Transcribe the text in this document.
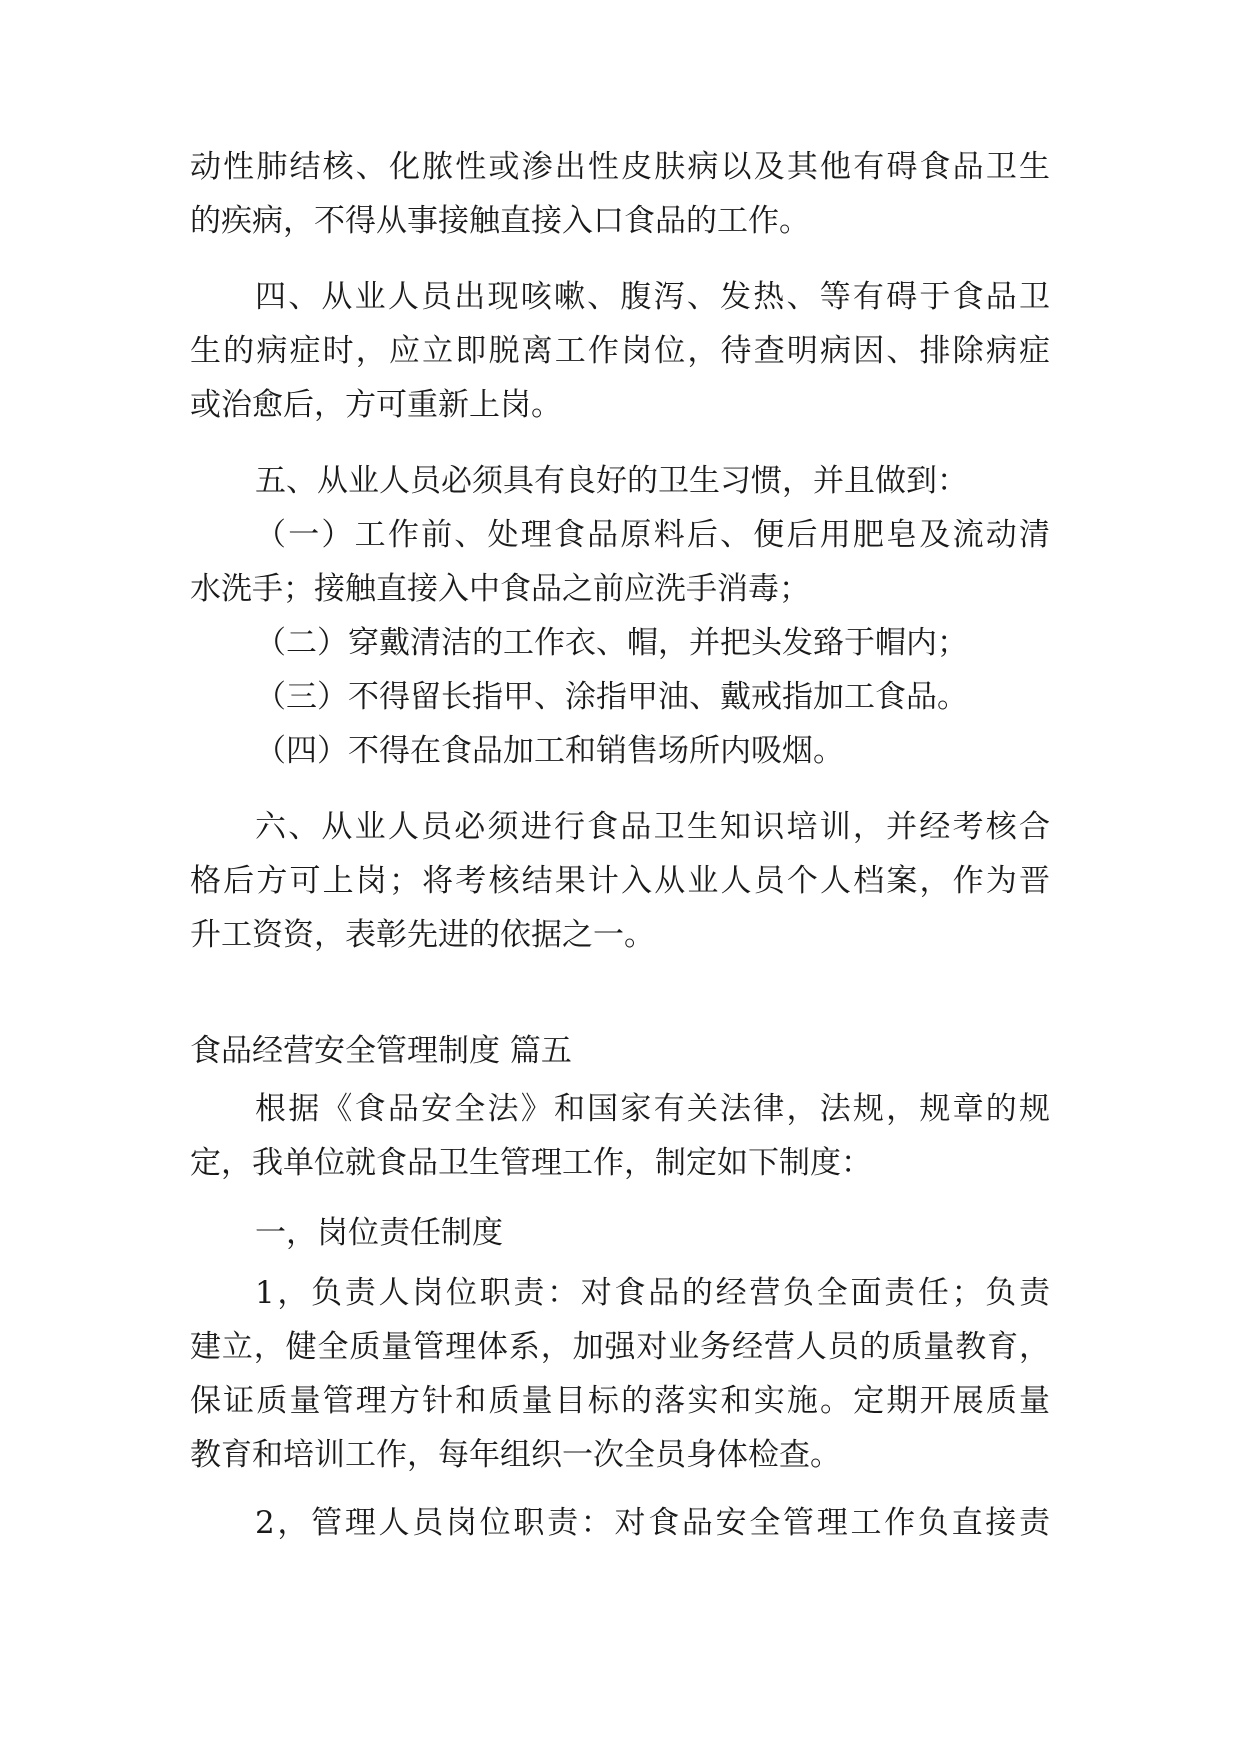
动性肺结核、化脓性或渗出性皮肤病以及其他有碍食品卫生
的疾病，不得从事接触直接入口食品的工作。
四、从业人员出现咳嗽、腹泻、发热、等有碍于食品卫
生的病症时，应立即脱离工作岗位，待查明病因、排除病症
或治愈后，方可重新上岗。
五、从业人员必须具有良好的卫生习惯，并且做到：
（一）工作前、处理食品原料后、便后用肥皂及流动清
水洗手；接触直接入中食品之前应洗手消毒；
（二）穿戴清洁的工作衣、帽，并把头发臵于帽内；
（三）不得留长指甲、涂指甲油、戴戒指加工食品。
（四）不得在食品加工和销售场所内吸烟。
六、从业人员必须进行食品卫生知识培训，并经考核合
格后方可上岗；将考核结果计入从业人员个人档案，作为晋
升工资资，表彰先进的依据之一。
食品经营安全管理制度 篇五
根据《食品安全法》和国家有关法律，法规，规章的规
定，我单位就食品卫生管理工作，制定如下制度：
一，岗位责任制度
1，负责人岗位职责：对食品的经营负全面责任；负责
建立，健全质量管理体系，加强对业务经营人员的质量教育，
保证质量管理方针和质量目标的落实和实施。定期开展质量
教育和培训工作，每年组织一次全员身体检查。
2，管理人员岗位职责：对食品安全管理工作负直接责
